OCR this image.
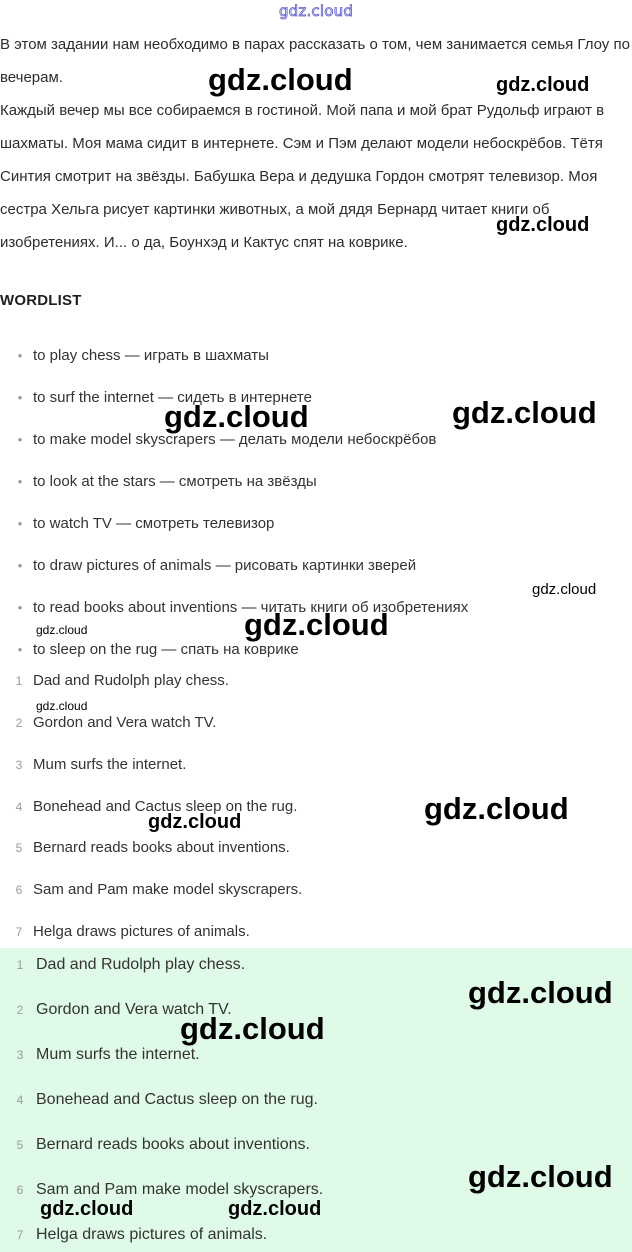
gdz.cloud

В этом задании нам необходимо в парах рассказать о том, чем занимается семья Глоу по вечерам.

Каждый вечер мы все собираемся в гостиной. Мой папа и мой брат Рудольф играют в шахматы. Моя мама сидит в интернете. Сэм и Пэм делают модели небоскрёбов. Тётя Синтия смотрит на звёзды. Бабушка Вера и дедушка Гордон смотрят телевизор. Моя сестра Хельга рисует картинки животных, а мой дядя Бернард читает книги об изобретениях. И... о да, Боунхэд и Кактус спят на коврике.

WORDLIST
• to play chess — играть в шахматы
• to surf the internet — сидеть в интернете
• to make model skyscrapers — делать модели небоскрёбов
• to look at the stars — смотреть на звёзды
• to watch TV — смотреть телевизор
• to draw pictures of animals — рисовать картинки зверей
• to read books about inventions — читать книги об изобретениях
• to sleep on the rug — спать на коврике
1 Dad and Rudolph play chess.
2 Gordon and Vera watch TV.
3 Mum surfs the internet.
4 Bonehead and Cactus sleep on the rug.
5 Bernard reads books about inventions.
6 Sam and Pam make model skyscrapers.
7 Helga draws pictures of animals.
1 Dad and Rudolph play chess.
2 Gordon and Vera watch TV.
3 Mum surfs the internet.
4 Bonehead and Cactus sleep on the rug.
5 Bernard reads books about inventions.
6 Sam and Pam make model skyscrapers.
7 Helga draws pictures of animals.
gdz.cloud	gdz.cloud
gdz.cloud
gdz.cloud	gdz.cloud
gdz.cloud
gdz.cloud
gdz.cloud
gdz.cloud
gdz.cloud
gdz.cloud
gdz.cloud
gdz.cloud
gdz.cloud
gdz.cloud	gdz.cloud
